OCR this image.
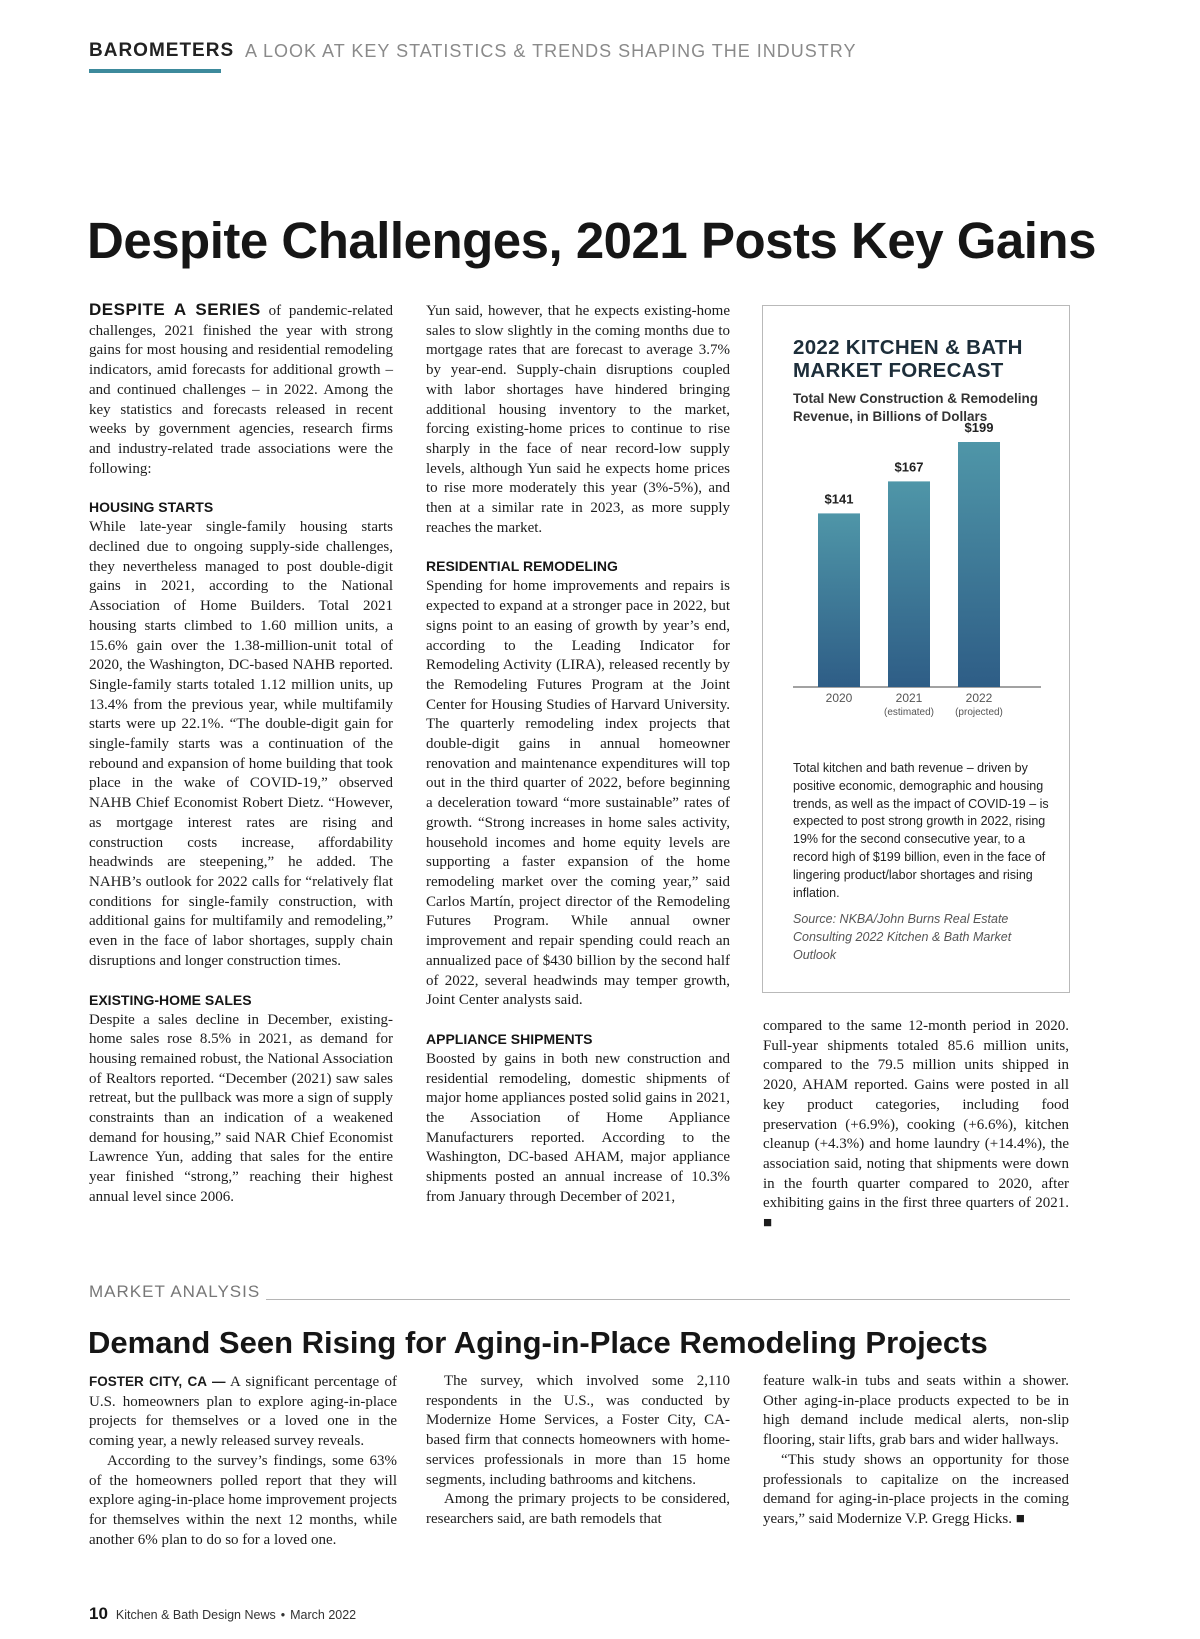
BAROMETERS A LOOK AT KEY STATISTICS & TRENDS SHAPING THE INDUSTRY
Despite Challenges, 2021 Posts Key Gains

DESPITE A SERIES of pandemic-related challenges, 2021 finished the year with strong gains for most housing and residential remodeling indicators, amid forecasts for additional growth – and continued challenges – in 2022. Among the key statistics and forecasts released in recent weeks by government agencies, research firms and industry-related trade associations were the following:

HOUSING STARTS

While late-year single-family housing starts declined due to ongoing supply-side challenges, they nevertheless managed to post double-digit gains in 2021, according to the National Association of Home Builders. Total 2021 housing starts climbed to 1.60 million units, a 15.6% gain over the 1.38-million-unit total of 2020, the Washington, DC-based NAHB reported. Single-family starts totaled 1.12 million units, up 13.4% from the previous year, while multifamily starts were up 22.1%. “The double-digit gain for single-family starts was a continuation of the rebound and expansion of home building that took place in the wake of COVID-19,” observed NAHB Chief Economist Robert Dietz. “However, as mortgage interest rates are rising and construction costs increase, affordability headwinds are steepening,” he added. The NAHB’s outlook for 2022 calls for “relatively flat conditions for single-family construction, with additional gains for multifamily and remodeling,” even in the face of labor shortages, supply chain disruptions and longer construction times.

EXISTING-HOME SALES

Despite a sales decline in December, existing-home sales rose 8.5% in 2021, as demand for housing remained robust, the National Association of Realtors reported. “December (2021) saw sales retreat, but the pullback was more a sign of supply constraints than an indication of a weakened demand for housing,” said NAR Chief Economist Lawrence Yun, adding that sales for the entire year finished “strong,” reaching their highest annual level since 2006.

Yun said, however, that he expects existing-home sales to slow slightly in the coming months due to mortgage rates that are forecast to average 3.7% by year-end. Supply-chain disruptions coupled with labor shortages have hindered bringing additional housing inventory to the market, forcing existing-home prices to continue to rise sharply in the face of near record-low supply levels, although Yun said he expects home prices to rise more moderately this year (3%-5%), and then at a similar rate in 2023, as more supply reaches the market.

RESIDENTIAL REMODELING

Spending for home improvements and repairs is expected to expand at a stronger pace in 2022, but signs point to an easing of growth by year’s end, according to the Leading Indicator for Remodeling Activity (LIRA), released recently by the Remodeling Futures Program at the Joint Center for Housing Studies of Harvard University. The quarterly remodeling index projects that double-digit gains in annual homeowner renovation and maintenance expenditures will top out in the third quarter of 2022, before beginning a deceleration toward “more sustainable” rates of growth. “Strong increases in home sales activity, household incomes and home equity levels are supporting a faster expansion of the home remodeling market over the coming year,” said Carlos Martín, project director of the Remodeling Futures Program. While annual owner improvement and repair spending could reach an annualized pace of $430 billion by the second half of 2022, several headwinds may temper growth, Joint Center analysts said.

APPLIANCE SHIPMENTS

Boosted by gains in both new construction and residential remodeling, domestic shipments of major home appliances posted solid gains in 2021, the Association of Home Appliance Manufacturers reported. According to the Washington, DC-based AHAM, major appliance shipments posted an annual increase of 10.3% from January through December of 2021,

2022 KITCHEN & BATH MARKET FORECAST
Total New Construction & Remodeling Revenue, in Billions of Dollars
$141
2020
$167
2021
(estimated)
$199
2022
(projected)
Total kitchen and bath revenue – driven by positive economic, demographic and housing trends, as well as the impact of COVID-19 – is expected to post strong growth in 2022, rising 19% for the second consecutive year, to a record high of $199 billion, even in the face of lingering product/labor shortages and rising inflation.
Source: NKBA/John Burns Real Estate Consulting 2022 Kitchen & Bath Market Outlook

compared to the same 12-month period in 2020. Full-year shipments totaled 85.6 million units, compared to the 79.5 million units shipped in 2020, AHAM reported. Gains were posted in all key product categories, including food preservation (+6.9%), cooking (+6.6%), kitchen cleanup (+4.3%) and home laundry (+14.4%), the association said, noting that shipments were down in the fourth quarter compared to 2020, after exhibiting gains in the first three quarters of 2021. ■

MARKET ANALYSIS
Demand Seen Rising for Aging-in-Place Remodeling Projects

FOSTER CITY, CA — A significant percentage of U.S. homeowners plan to explore aging-in-place projects for themselves or a loved one in the coming year, a newly released survey reveals.

According to the survey’s findings, some 63% of the homeowners polled report that they will explore aging-in-place home improvement projects for themselves within the next 12 months, while another 6% plan to do so for a loved one.

The survey, which involved some 2,110 respondents in the U.S., was conducted by Modernize Home Services, a Foster City, CA-based firm that connects homeowners with home-services professionals in more than 15 home segments, including bathrooms and kitchens.

Among the primary projects to be considered, researchers said, are bath remodels that

feature walk-in tubs and seats within a shower. Other aging-in-place products expected to be in high demand include medical alerts, non-slip flooring, stair lifts, grab bars and wider hallways.

“This study shows an opportunity for those professionals to capitalize on the increased demand for aging-in-place projects in the coming years,” said Modernize V.P. Gregg Hicks. ■

10 Kitchen & Bath Design News • March 2022
